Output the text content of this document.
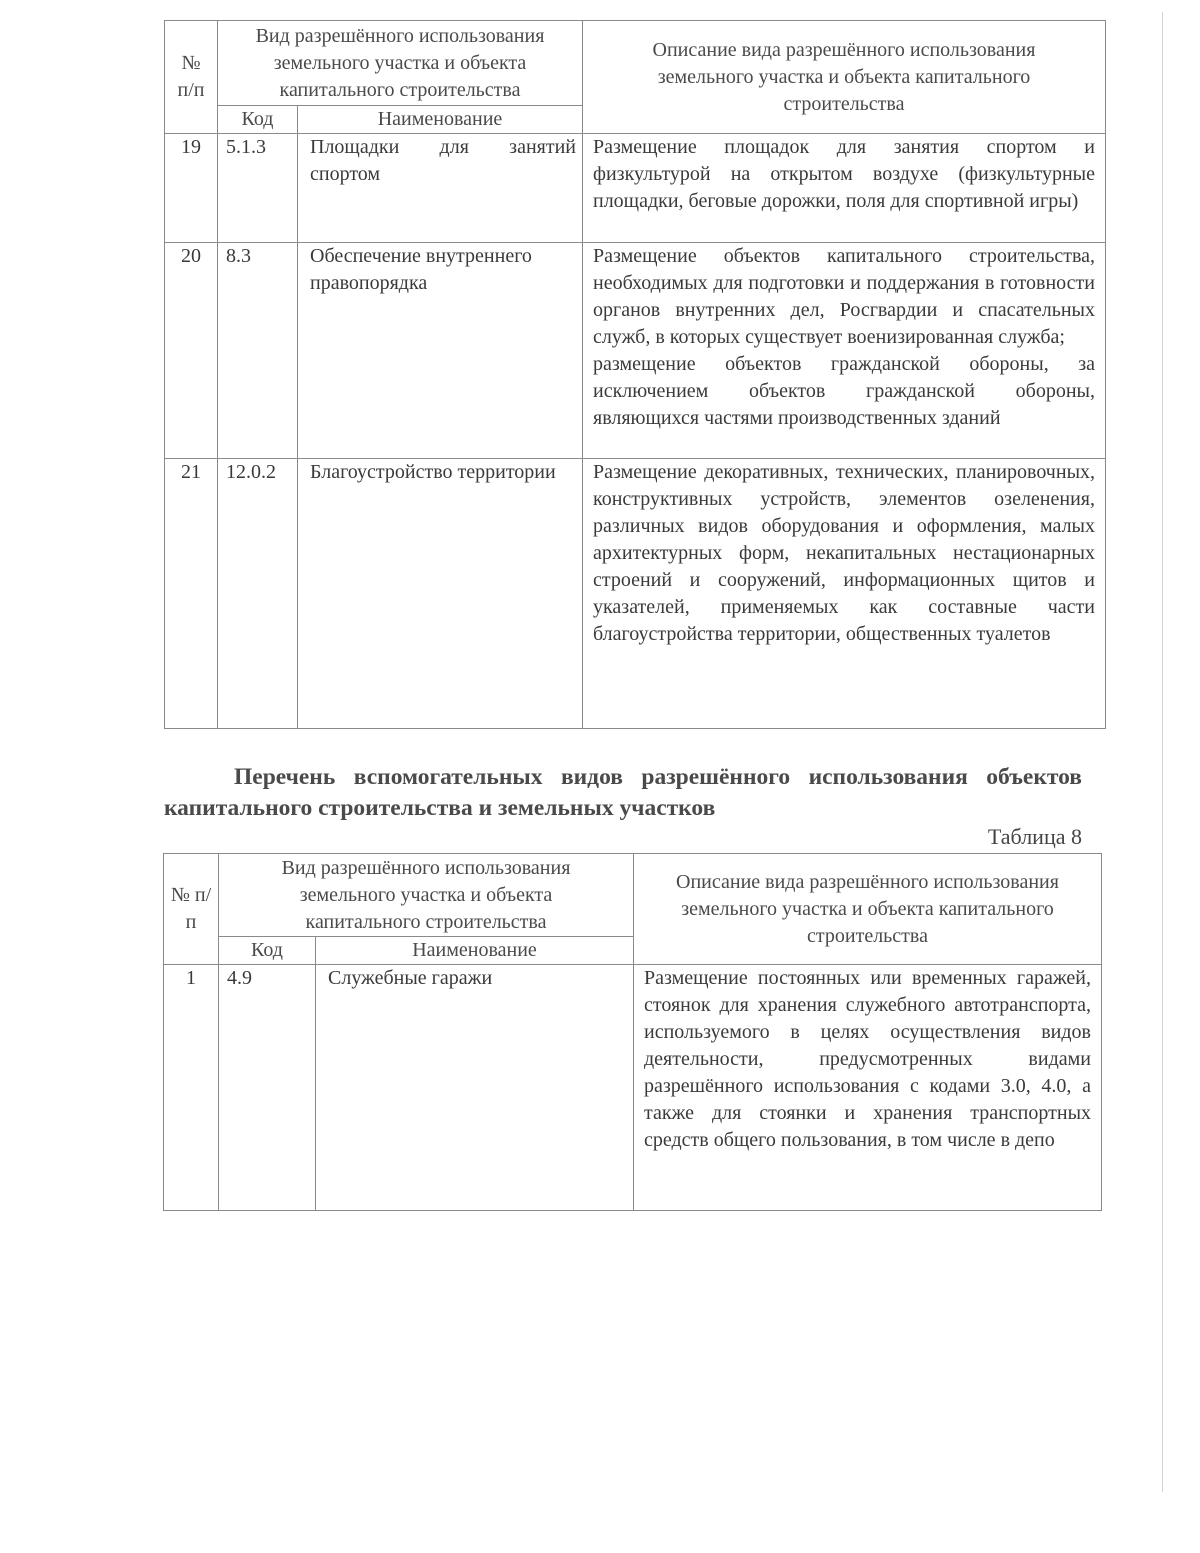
№ п/п	Вид разрешённого использования земельного участка и объекта капитального строительства		Описание вида разрешённого использования земельного участка и объекта капитального строительства
	Код	Наименование	
19	5.1.3	Площадки для занятий спортом	Размещение площадок для занятия спортом и физкультурой на открытом воздухе (физкультурные площадки, беговые дорожки, поля для спортивной игры)
20	8.3	Обеспечение внутреннего правопорядка	Размещение объектов капитального строительства, необходимых для подготовки и поддержания в готовности органов внутренних дел, Росгвардии и спасательных служб, в которых существует военизированная служба;
размещение объектов гражданской обороны, за исключением объектов гражданской обороны, являющихся частями производственных зданий

21	12.0.2	Благоустройство территории	Размещение декоративных, технических, планировочных, конструктивных устройств, элементов озеленения, различных видов оборудования и оформления, малых архитектурных форм, некапитальных нестационарных строений и сооружений, информационных щитов и указателей, применяемых как составные части благоустройства территории, общественных туалетов

Перечень вспомогательных видов разрешённого использования объектов капитального строительства и земельных участков

Таблица 8
№ п/п	Вид разрешённого использования земельного участка и объекта капитального строительства		Описание вида разрешённого использования земельного участка и объекта капитального строительства
	Код	Наименование	
1	4.9	Служебные гаражи	Размещение постоянных или временных гаражей, стоянок для хранения служебного автотранспорта, используемого в целях осуществления видов деятельности, предусмотренных видами разрешённого использования с кодами 3.0, 4.0, а также для стоянки и хранения транспортных средств общего пользования, в том числе в депо
